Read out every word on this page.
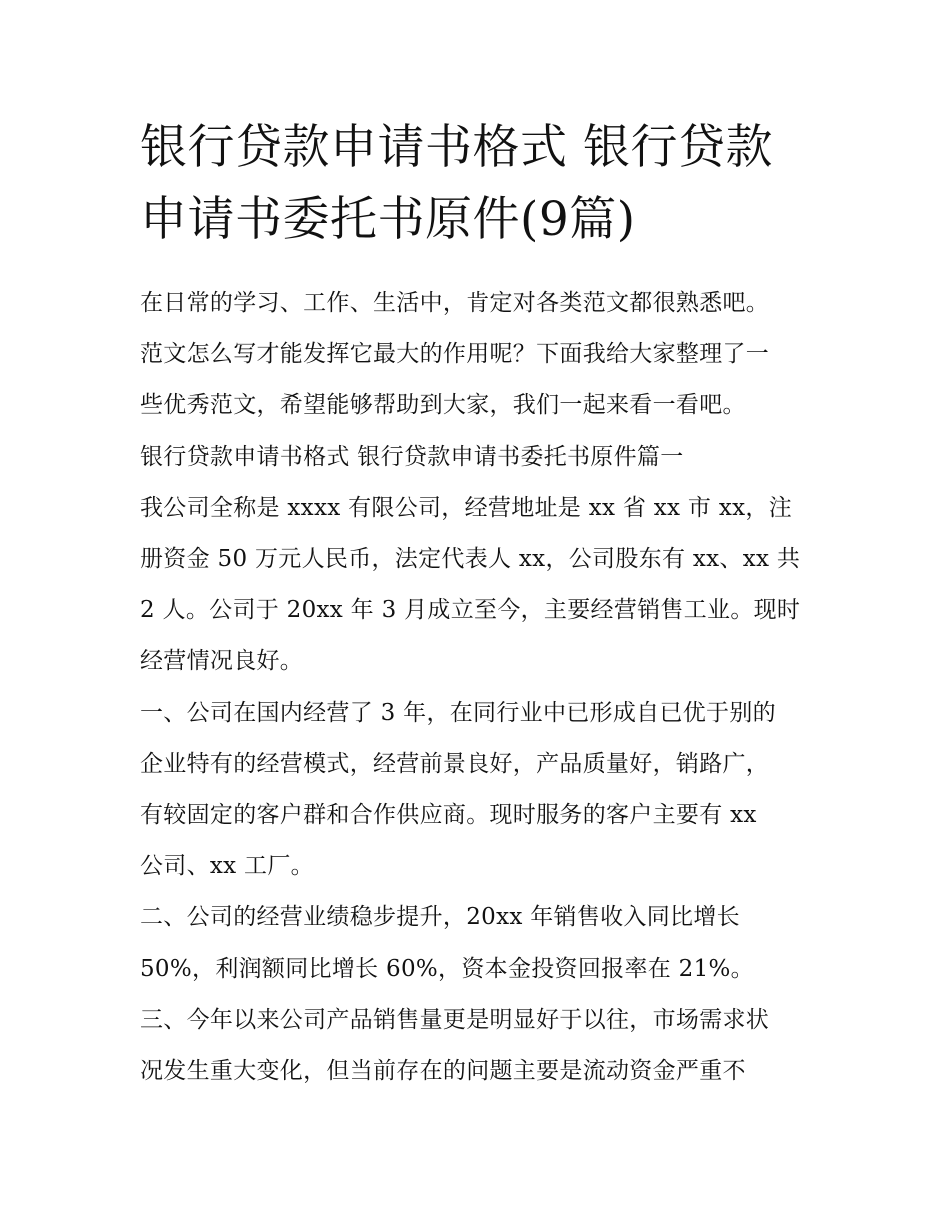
银行贷款申请书格式 银行贷款
申请书委托书原件(9篇)
在日常的学习、工作、生活中，肯定对各类范文都很熟悉吧。
范文怎么写才能发挥它最大的作用呢？下面我给大家整理了一
些优秀范文，希望能够帮助到大家，我们一起来看一看吧。
银行贷款申请书格式 银行贷款申请书委托书原件篇一
我公司全称是 xxxx 有限公司，经营地址是 xx 省 xx 市 xx，注
册资金 50 万元人民币，法定代表人 xx，公司股东有 xx、xx 共
2 人。公司于 20xx 年 3 月成立至今，主要经营销售工业。现时
经营情况良好。
一、公司在国内经营了 3 年，在同行业中已形成自已优于别的
企业特有的经营模式，经营前景良好，产品质量好，销路广，
有较固定的客户群和合作供应商。现时服务的客户主要有 xx
公司、xx 工厂。
二、公司的经营业绩稳步提升，20xx 年销售收入同比增长
50%，利润额同比增长 60%，资本金投资回报率在 21%。
三、今年以来公司产品销售量更是明显好于以往，市场需求状
况发生重大变化，但当前存在的问题主要是流动资金严重不
